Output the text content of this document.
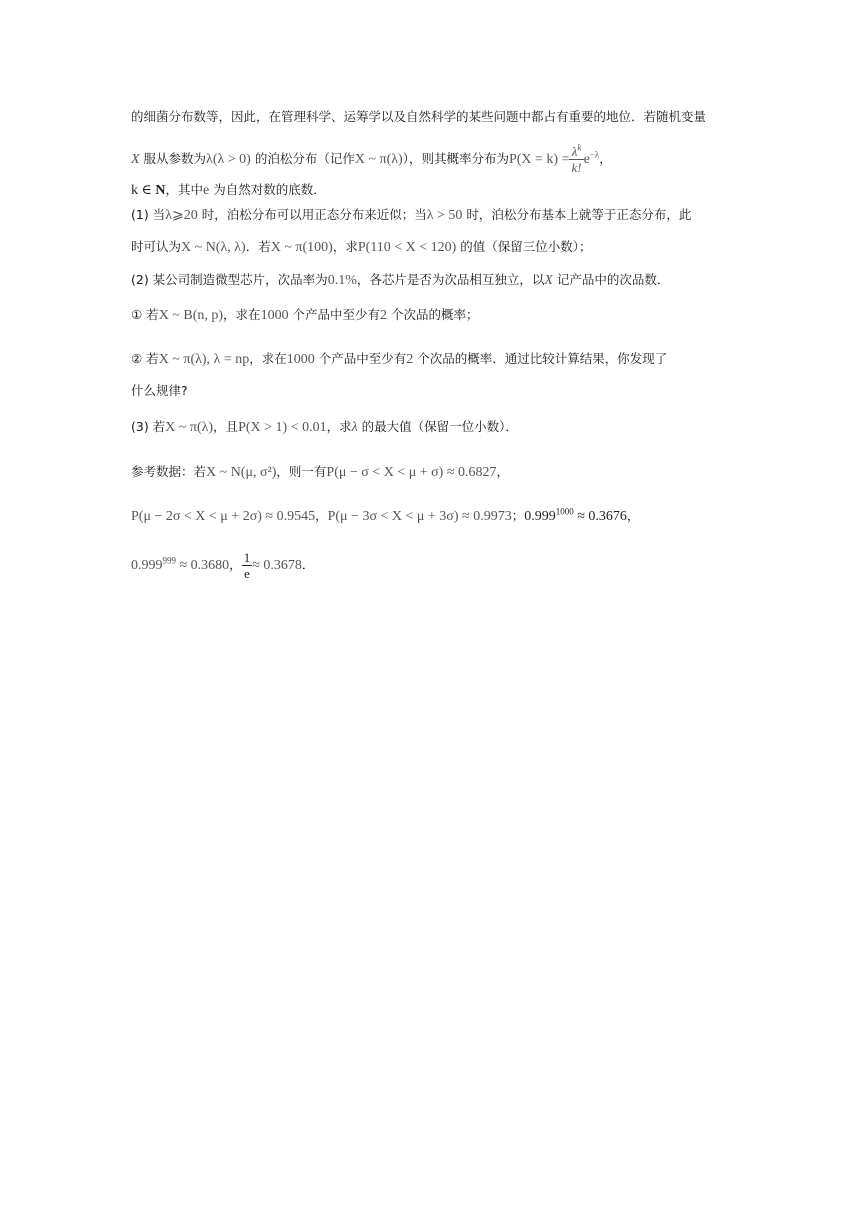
的细菌分布数等，因此，在管理科学、运筹学以及自然科学的某些问题中都占有重要的地位．若随机变量
X 服从参数为λ(λ > 0) 的泊松分布（记作X ~ π(λ)），则其概率分布为$P(X = k) = \frac{\lambda^k}{k!} e^{-\lambda}$，
k ∈ N，其中e 为自然对数的底数．
(1) 当λ⩾20 时，泊松分布可以用正态分布来近似；当λ > 50 时，泊松分布基本上就等于正态分布，此
时可认为X ~ N(λ, λ)．若X ~ π(100)，求P(110 < X < 120) 的值（保留三位小数）；
(2) 某公司制造微型芯片，次品率为0.1%，各芯片是否为次品相互独立，以X 记产品中的次品数．
① 若X ~ B(n, p)，求在1000 个产品中至少有2 个次品的概率；
② 若X ~ π(λ), λ = np，求在1000 个产品中至少有2 个次品的概率．通过比较计算结果，你发现了
什么规律?
(3) 若X ~ π(λ)，且P(X > 1) < 0.01，求λ 的最大值（保留一位小数）．
参考数据：若X ~ N(μ, σ²)，则一有P(μ − σ < X < μ + σ) ≈ 0.6827，
P(μ − 2σ < X < μ + 2σ) ≈ 0.9545，P(μ − 3σ < X < μ + 3σ) ≈ 0.9973；$0.999^{1000} \approx 0.3676$，
$0.999^{999} \approx 0.3680$， $\frac{1}{e} \approx 0.3678$．
